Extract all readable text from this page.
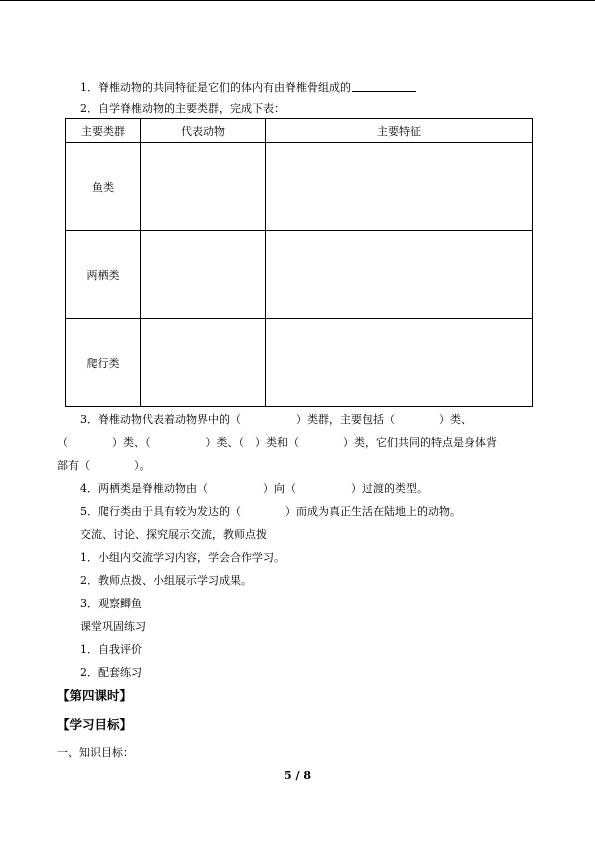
1．脊椎动物的共同特征是它们的体内有由脊椎骨组成的
2．自学脊椎动物的主要类群，完成下表：
主要类群	代表动物	主要特征
鱼类		
两栖类		
爬行类		
3．脊椎动物代表着动物界中的（　　　　　）类群，主要包括（　　　　）类、
（　　　　）类、（　　　　　）类、（　）类和（　　　　）类，它们共同的特点是身体背
部有（　　　　）。
4．两栖类是脊椎动物由（　　　　　）向（　　　　　）过渡的类型。
5．爬行类由于具有较为发达的（　　　　）而成为真正生活在陆地上的动物。
交流、讨论、探究展示交流，教师点拨
1．小组内交流学习内容，学会合作学习。
2．教师点拨、小组展示学习成果。
3．观察鲫鱼
课堂巩固练习
1．自我评价
2．配套练习
【第四课时】
【学习目标】
一、知识目标：
5 / 8
